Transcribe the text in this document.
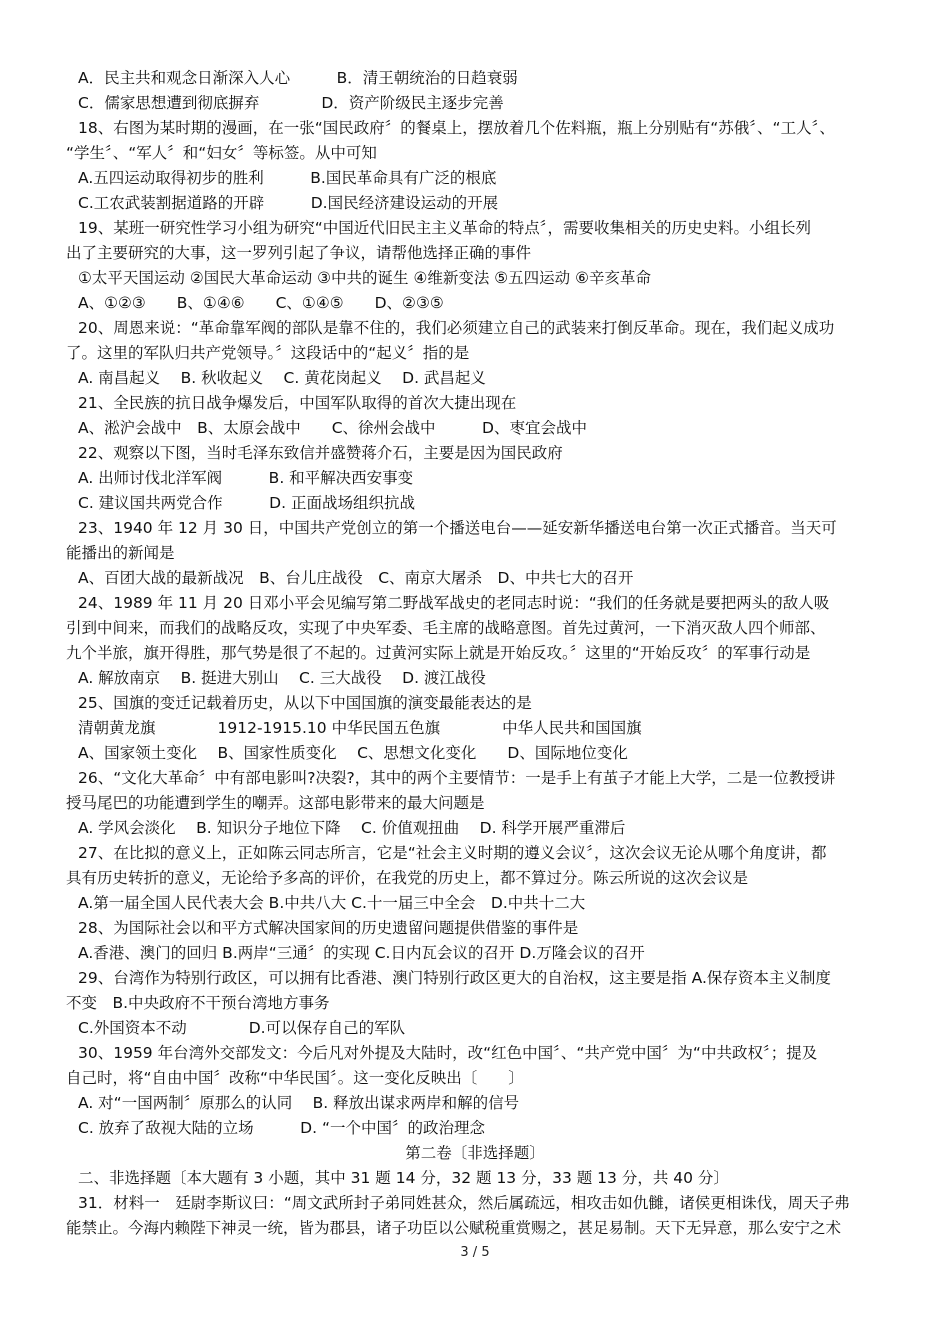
A．民主共和观念日渐深入人心　　　B．清王朝统治的日趋衰弱
C．儒家思想遭到彻底摒弃　　　　D．资产阶级民主逐步完善
18、右图为某时期的漫画，在一张“国民政府〞的餐桌上，摆放着几个佐料瓶，瓶上分别贴有“苏俄〞、“工人〞、
“学生〞、“军人〞和“妇女〞等标签。从中可知
A.五四运动取得初步的胜利　　　B.国民革命具有广泛的根底
C.工农武装割据道路的开辟　　　D.国民经济建设运动的开展
19、某班一研究性学习小组为研究“中国近代旧民主主义革命的特点〞，需要收集相关的历史史料。小组长列
出了主要研究的大事，这一罗列引起了争议，请帮他选择正确的事件
①太平天国运动 ②国民大革命运动 ③中共的诞生 ④维新变法 ⑤五四运动 ⑥辛亥革命
A、①②③　　B、①④⑥　　C、①④⑤　　D、②③⑤
20、周恩来说：“革命靠军阀的部队是靠不住的，我们必须建立自己的武装来打倒反革命。现在，我们起义成功
了。这里的军队归共产党领导。〞这段话中的“起义〞指的是
A. 南昌起义　 B. 秋收起义　 C. 黄花岗起义　 D. 武昌起义
21、全民族的抗日战争爆发后，中国军队取得的首次大捷出现在
A、淞沪会战中　B、太原会战中　　C、徐州会战中　　　D、枣宜会战中
22、观察以下图，当时毛泽东致信并盛赞蒋介石，主要是因为国民政府
A. 出师讨伐北洋军阀　　　B. 和平解决西安事变
C. 建议国共两党合作　　　D. 正面战场组织抗战
23、1940 年 12 月 30 日，中国共产党创立的第一个播送电台——延安新华播送电台第一次正式播音。当天可
能播出的新闻是
A、百团大战的最新战况　B、台儿庄战役　C、南京大屠杀　D、中共七大的召开
24、1989 年 11 月 20 日邓小平会见编写第二野战军战史的老同志时说：“我们的任务就是要把两头的敌人吸
引到中间来，而我们的战略反攻，实现了中央军委、毛主席的战略意图。首先过黄河，一下消灭敌人四个师部、
九个半旅，旗开得胜，那气势是很了不起的。过黄河实际上就是开始反攻。〞这里的“开始反攻〞的军事行动是
A. 解放南京　 B. 挺进大别山　 C. 三大战役　 D. 渡江战役
25、国旗的变迁记载着历史，从以下中国国旗的演变最能表达的是
清朝黄龙旗　　　　1912-1915.10 中华民国五色旗　　　　中华人民共和国国旗
A、国家领土变化　 B、国家性质变化　 C、思想文化变化　　D、国际地位变化
26、“文化大革命〞中有部电影叫?决裂?，其中的两个主要情节：一是手上有茧子才能上大学，二是一位教授讲
授马尾巴的功能遭到学生的嘲弄。这部电影带来的最大问题是
A. 学风会淡化　 B. 知识分子地位下降　 C. 价值观扭曲　 D. 科学开展严重滞后
27、在比拟的意义上，正如陈云同志所言，它是“社会主义时期的遵义会议〞，这次会议无论从哪个角度讲，都
具有历史转折的意义，无论给予多高的评价，在我党的历史上，都不算过分。陈云所说的这次会议是
A.第一届全国人民代表大会 B.中共八大 C.十一届三中全会　D.中共十二大
28、为国际社会以和平方式解决国家间的历史遗留问题提供借鉴的事件是
A.香港、澳门的回归 B.两岸“三通〞的实现 C.日内瓦会议的召开 D.万隆会议的召开
29、台湾作为特别行政区，可以拥有比香港、澳门特别行政区更大的自治权，这主要是指 A.保存资本主义制度
不变　B.中央政府不干预台湾地方事务
C.外国资本不动　　　　D.可以保存自己的军队
30、1959 年台湾外交部发文：今后凡对外提及大陆时，改“红色中国〞、“共产党中国〞为“中共政权〞；提及
自己时，将“自由中国〞改称“中华民国〞。这一变化反映出〔　　〕
A. 对“一国两制〞原那么的认同　 B. 释放出谋求两岸和解的信号
C. 放弃了敌视大陆的立场　　　D. “一个中国〞的政治理念
第二卷〔非选择题〕
二、非选择题〔本大题有 3 小题，其中 31 题 14 分，32 题 13 分，33 题 13 分，共 40 分〕
31．材料一　廷尉李斯议曰：“周文武所封子弟同姓甚众，然后属疏远，相攻击如仇雠，诸侯更相诛伐，周天子弗
能禁止。今海内赖陛下神灵一统，皆为郡县，诸子功臣以公赋税重赏赐之，甚足易制。天下无异意，那么安宁之术
3 / 5
